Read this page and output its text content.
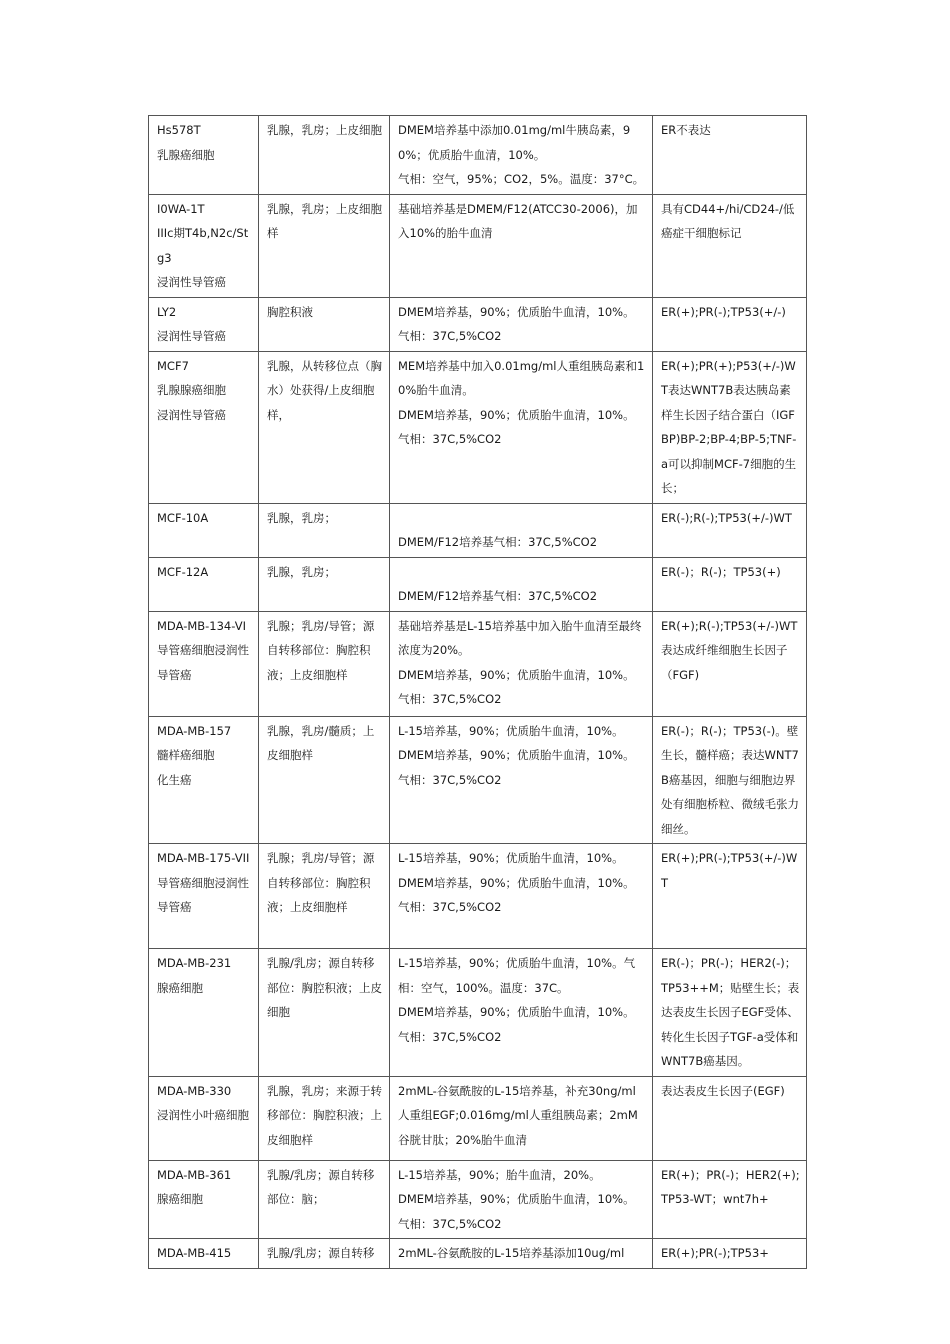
Hs578T
乳腺癌细胞	乳腺，乳房；上皮细胞	DMEM培养基中添加0.01mg/ml牛胰岛素，90%；优质胎牛血清，10%。
气相：空气，95%；CO2，5%。温度：37°C。	ER不表达

I0WA-1T
IIIc期T4b,N2c/Stg3
浸润性导管癌	乳腺，乳房；上皮细胞样	基础培养基是DMEM/F12(ATCC30-2006)，加入10%的胎牛血清	具有CD44+/hi/CD24-/低癌症干细胞标记

LY2
浸润性导管癌	胸腔积液	DMEM培养基，90%；优质胎牛血清，10%。气相：37C,5%CO2	ER(+);PR(-);TP53(+/-)

MCF7
乳腺腺癌细胞
浸润性导管癌	乳腺，从转移位点（胸水）处获得/上皮细胞样，	MEM培养基中加入0.01mg/ml人重组胰岛素和10%胎牛血清。
DMEM培养基，90%；优质胎牛血清，10%。气相：37C,5%CO2	ER(+);PR(+);P53(+/-)WT表达WNT7B表达胰岛素样生长因子结合蛋白（IGFBP)BP-2;BP-4;BP-5;TNF-a可以抑制MCF-7细胞的生长；

MCF-10A	乳腺，乳房；	DMEM/F12培养基气相：37C,5%CO2	ER(-);R(-);TP53(+/-)WT

MCF-12A	乳腺，乳房；	DMEM/F12培养基气相：37C,5%CO2	ER(-)；R(-)；TP53(+)

MDA-MB-134-VI
导管癌细胞浸润性导管癌	乳腺；乳房/导管；源自转移部位：胸腔积液；上皮细胞样	基础培养基是L-15培养基中加入胎牛血清至最终浓度为20%。
DMEM培养基，90%；优质胎牛血清，10%。气相：37C,5%CO2	ER(+);R(-);TP53(+/-)WT表达成纤维细胞生长因子（FGF)

MDA-MB-157
髓样癌细胞
化生癌	乳腺，乳房/髓质；上皮细胞样	L-15培养基，90%；优质胎牛血清，10%。
DMEM培养基，90%；优质胎牛血清，10%。
气相：37C,5%CO2	ER(-)；R(-)；TP53(-)。壁生长，髓样癌；表达WNT7B癌基因，细胞与细胞边界处有细胞桥粒、微绒毛张力细丝。

MDA-MB-175-VII
导管癌细胞浸润性导管癌	乳腺；乳房/导管；源自转移部位：胸腔积液；上皮细胞样	L-15培养基，90%；优质胎牛血清，10%。
DMEM培养基，90%；优质胎牛血清，10%。
气相：37C,5%CO2	ER(+);PR(-);TP53(+/-)WT

MDA-MB-231
腺癌细胞	乳腺/乳房；源自转移部位：胸腔积液；上皮细胞	L-15培养基，90%；优质胎牛血清，10%。气相：空气，100%。温度：37C。
DMEM培养基，90%；优质胎牛血清，10%。气相：37C,5%CO2	ER(-)；PR(-)；HER2(-)；TP53++M；贴壁生长；表达表皮生长因子EGF受体、转化生长因子TGF-a受体和WNT7B癌基因。

MDA-MB-330
浸润性小叶癌细胞	乳腺，乳房；来源于转移部位：胸腔积液；上皮细胞样	2mML-谷氨酰胺的L-15培养基，补充30ng/ml人重组EGF;0.016mg/ml人重组胰岛素；2mM谷胱甘肽；20%胎牛血清	表达表皮生长因子(EGF)

MDA-MB-361
腺癌细胞	乳腺/乳房；源自转移部位：脑；	L-15培养基，90%；胎牛血清，20%。
DMEM培养基，90%；优质胎牛血清，10%。
气相：37C,5%CO2	ER(+)；PR(-)；HER2(+);
TP53-WT；wnt7h+

MDA-MB-415	乳腺/乳房；源自转移	2mML-谷氨酰胺的L-15培养基添加10ug/ml	ER(+);PR(-);TP53+
